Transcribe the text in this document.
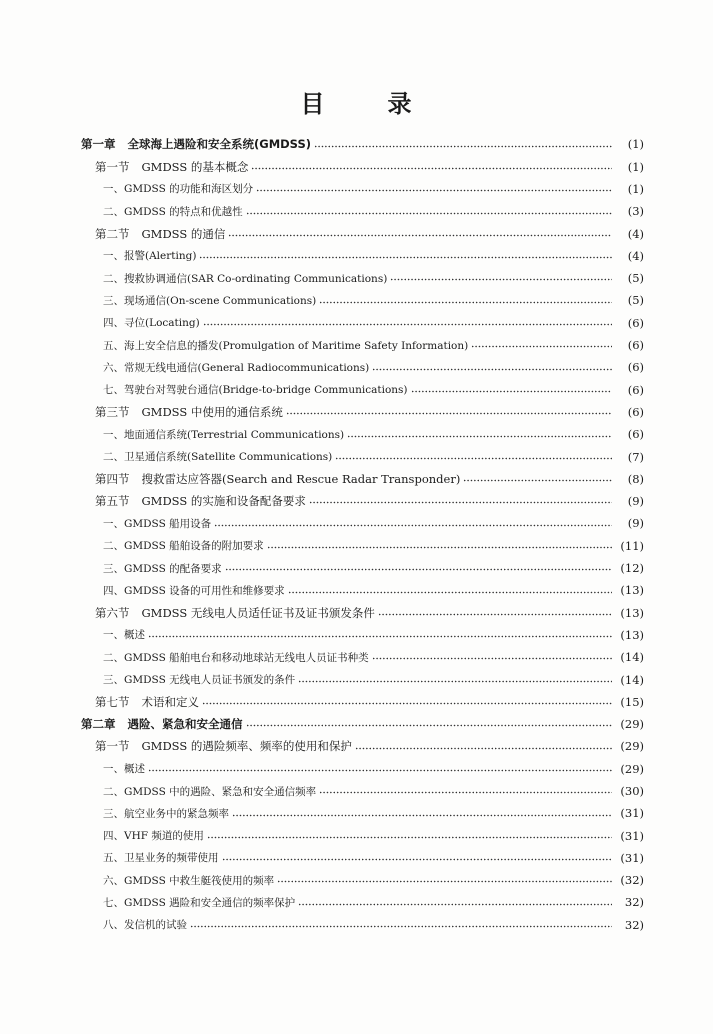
目	录
第一章 全球海上遇险和安全系统(GMDSS)	(1)
第一节 GMDSS 的基本概念	(1)
一、GMDSS 的功能和海区划分	(1)
二、GMDSS 的特点和优越性	(3)
第二节 GMDSS 的通信	(4)
一、报警(Alerting)	(4)
二、搜救协调通信(SAR Co-ordinating Communications)	(5)
三、现场通信(On-scene Communications)	(5)
四、寻位(Locating)	(6)
五、海上安全信息的播发(Promulgation of Maritime Safety Information)	(6)
六、常规无线电通信(General Radiocommunications)	(6)
七、驾驶台对驾驶台通信(Bridge-to-bridge Communications)	(6)
第三节 GMDSS 中使用的通信系统	(6)
一、地面通信系统(Terrestrial Communications)	(6)
二、卫星通信系统(Satellite Communications)	(7)
第四节 搜救雷达应答器(Search and Rescue Radar Transponder)	(8)
第五节 GMDSS 的实施和设备配备要求	(9)
一、GMDSS 船用设备	(9)
二、GMDSS 船舶设备的附加要求	(11)
三、GMDSS 的配备要求	(12)
四、GMDSS 设备的可用性和维修要求	(13)
第六节 GMDSS 无线电人员适任证书及证书颁发条件	(13)
一、概述	(13)
二、GMDSS 船舶电台和移动地球站无线电人员证书种类	(14)
三、GMDSS 无线电人员证书颁发的条件	(14)
第七节 术语和定义	(15)
第二章 遇险、紧急和安全通信	(29)
第一节 GMDSS 的遇险频率、频率的使用和保护	(29)
一、概述	(29)
二、GMDSS 中的遇险、紧急和安全通信频率	(30)
三、航空业务中的紧急频率	(31)
四、VHF 频道的使用	(31)
五、卫星业务的频带使用	(31)
六、GMDSS 中救生艇筏使用的频率	(32)
七、GMDSS 遇险和安全通信的频率保护	32)
八、发信机的试验	32)
